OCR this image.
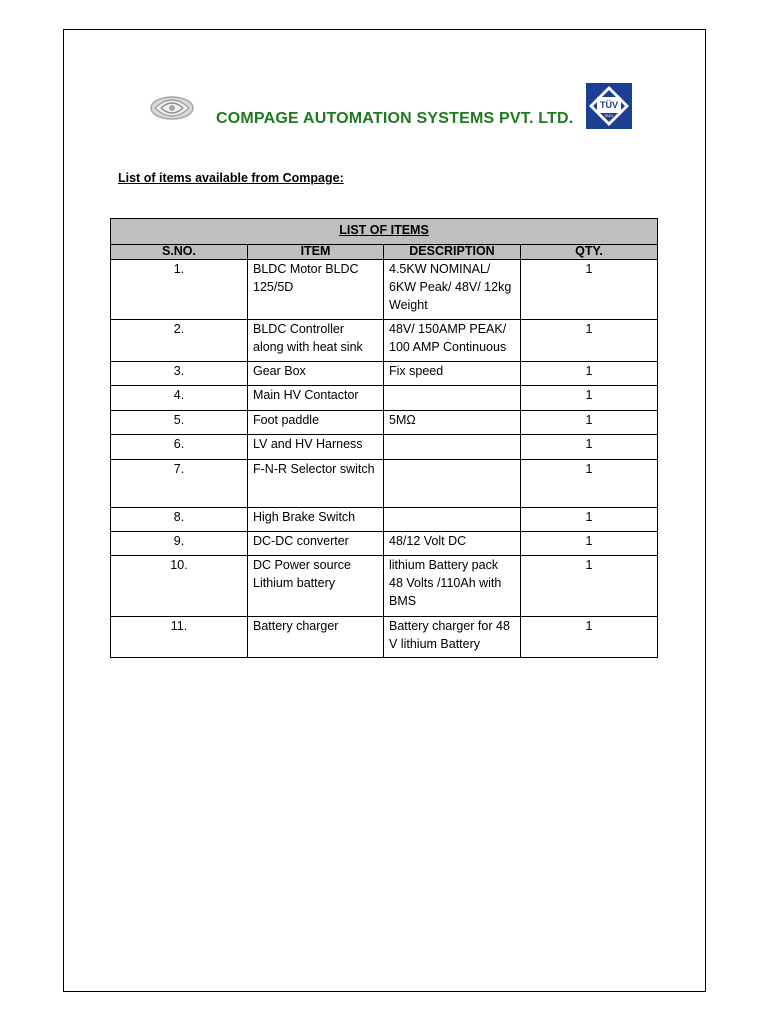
COMPAGE AUTOMATION SYSTEMS PVT. LTD.
TÜV
SÜD
List of items available from Compage:
LIST OF ITEMS			
S.NO.	ITEM	DESCRIPTION	QTY.
1.	BLDC Motor BLDC 125/5D	4.5KW NOMINAL/ 6KW Peak/ 48V/ 12kg Weight	1
2.	BLDC Controller along with heat sink	48V/ 150AMP PEAK/ 100 AMP Continuous	1
3.	Gear Box	Fix speed	1
4.	Main HV Contactor		1
5.	Foot paddle	5MΩ	1
6.	LV and HV Harness		1
7.	F-N-R Selector switch		1
8.	High Brake Switch		1
9.	DC-DC converter	48/12 Volt DC	1
10.	DC Power source Lithium battery	lithium Battery pack 48 Volts /110Ah with BMS	1
11.	Battery charger	Battery charger for 48 V lithium Battery	1
